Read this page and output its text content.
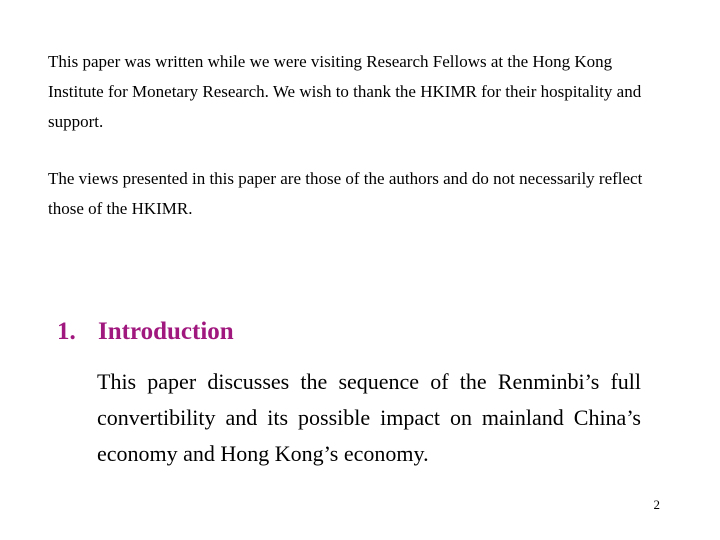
This paper was written while we were visiting Research Fellows at the Hong Kong Institute for Monetary Research. We wish to thank the HKIMR for their hospitality and support.

The views presented in this paper are those of the authors and do not necessarily reflect those of the HKIMR.

1. Introduction

This paper discusses the sequence of the Renminbi’s full convertibility and its possible impact on mainland China’s economy and Hong Kong’s economy.

2
